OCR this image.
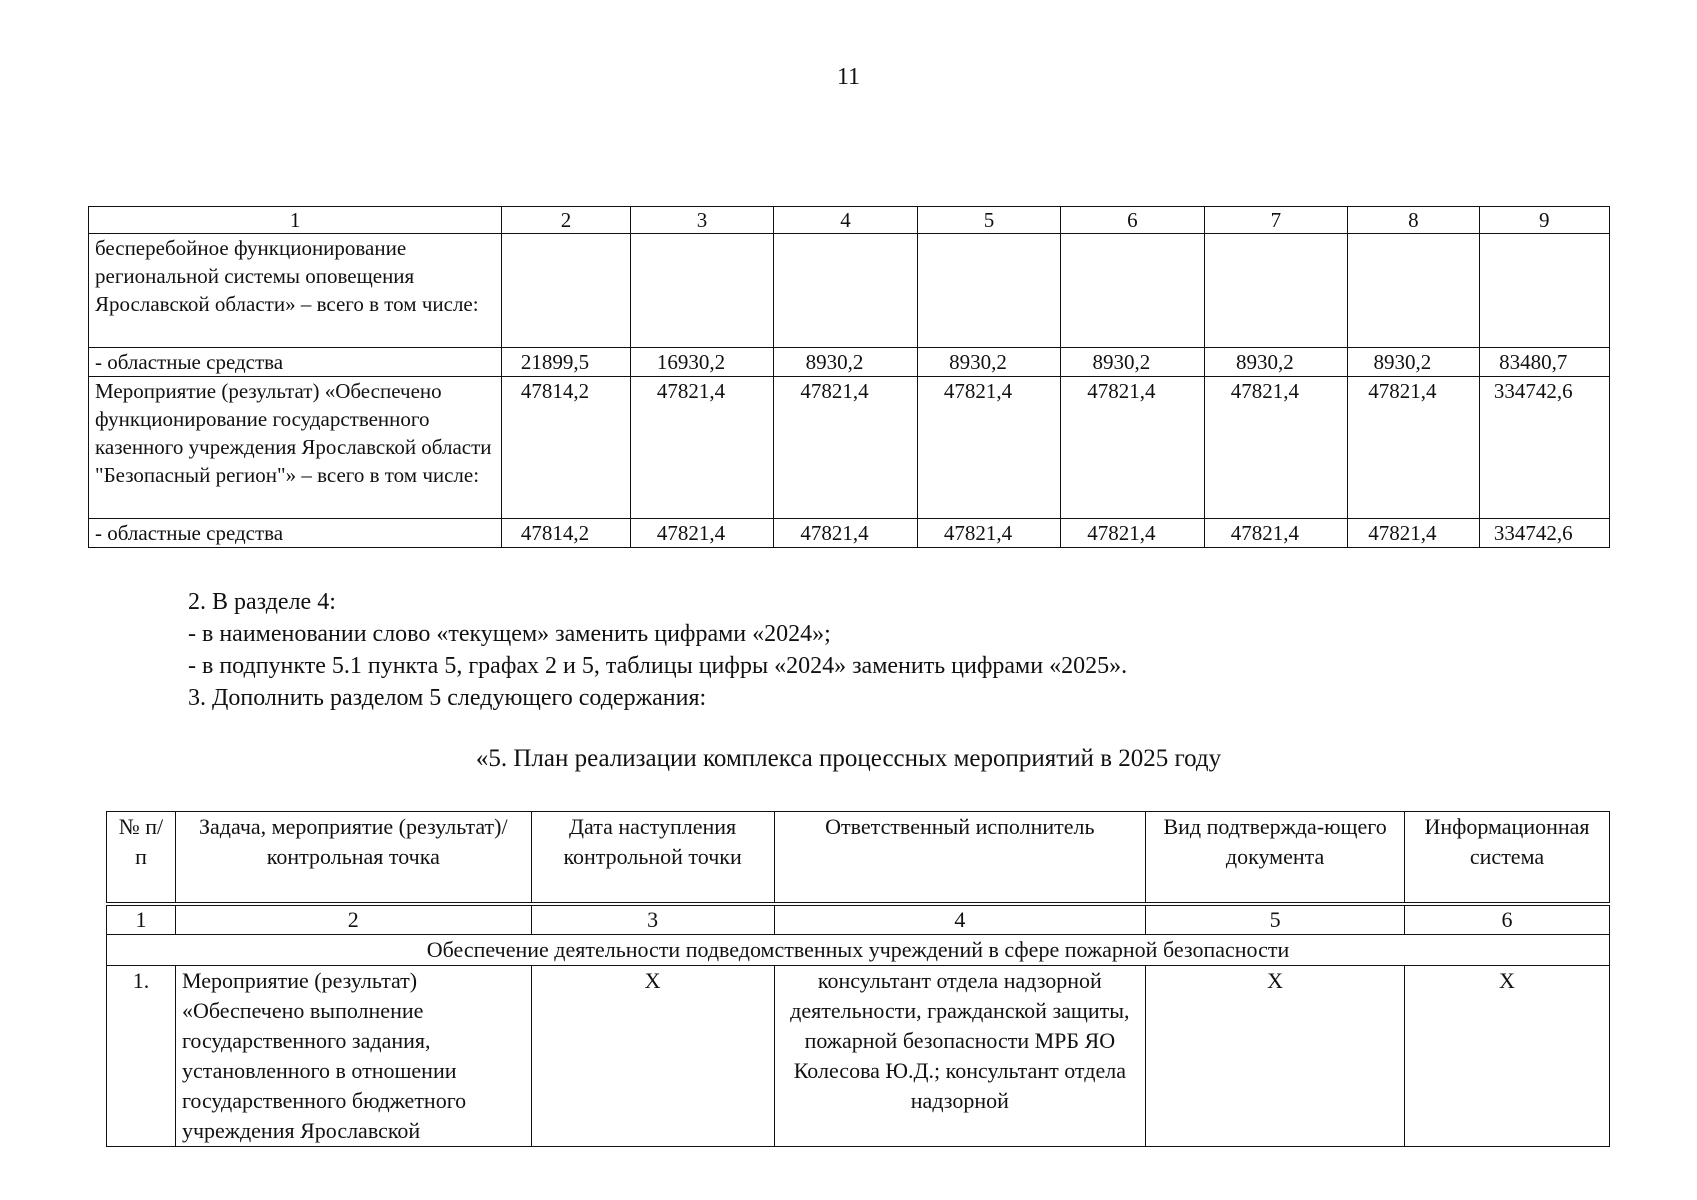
11
1	2	3	4	5	6	7	8	9
бесперебойное функционирование региональной системы оповещения Ярославской области» – всего в том числе:								
- областные средства	21899,5	16930,2	8930,2	8930,2	8930,2	8930,2	8930,2	83480,7
Мероприятие (результат) «Обеспечено функционирование государственного казенного учреждения Ярославской области "Безопасный регион"» – всего в том числе:	47814,2	47821,4	47821,4	47821,4	47821,4	47821,4	47821,4	334742,6
- областные средства	47814,2	47821,4	47821,4	47821,4	47821,4	47821,4	47821,4	334742,6
2. В разделе 4:
- в наименовании слово «текущем» заменить цифрами «2024»;
- в подпункте 5.1 пункта 5, графах 2 и 5, таблицы цифры «2024» заменить цифрами «2025».
3. Дополнить разделом 5 следующего содержания:
«5. План реализации комплекса процессных мероприятий в 2025 году
№ п/п	Задача, мероприятие (результат)/ контрольная точка	Дата наступления контрольной точки	Ответственный исполнитель	Вид подтвержда-ющего документа	Информационная система
1	2	3	4	5	6
Обеспечение деятельности подведомственных учреждений в сфере пожарной безопасности					
1.	Мероприятие (результат) «Обеспечено выполнение государственного задания, установленного в отношении государственного бюджетного учреждения Ярославской	Х	консультант отдела надзорной деятельности, гражданской защиты, пожарной безопасности МРБ ЯО Колесова Ю.Д.; консультант отдела надзорной	Х	Х
